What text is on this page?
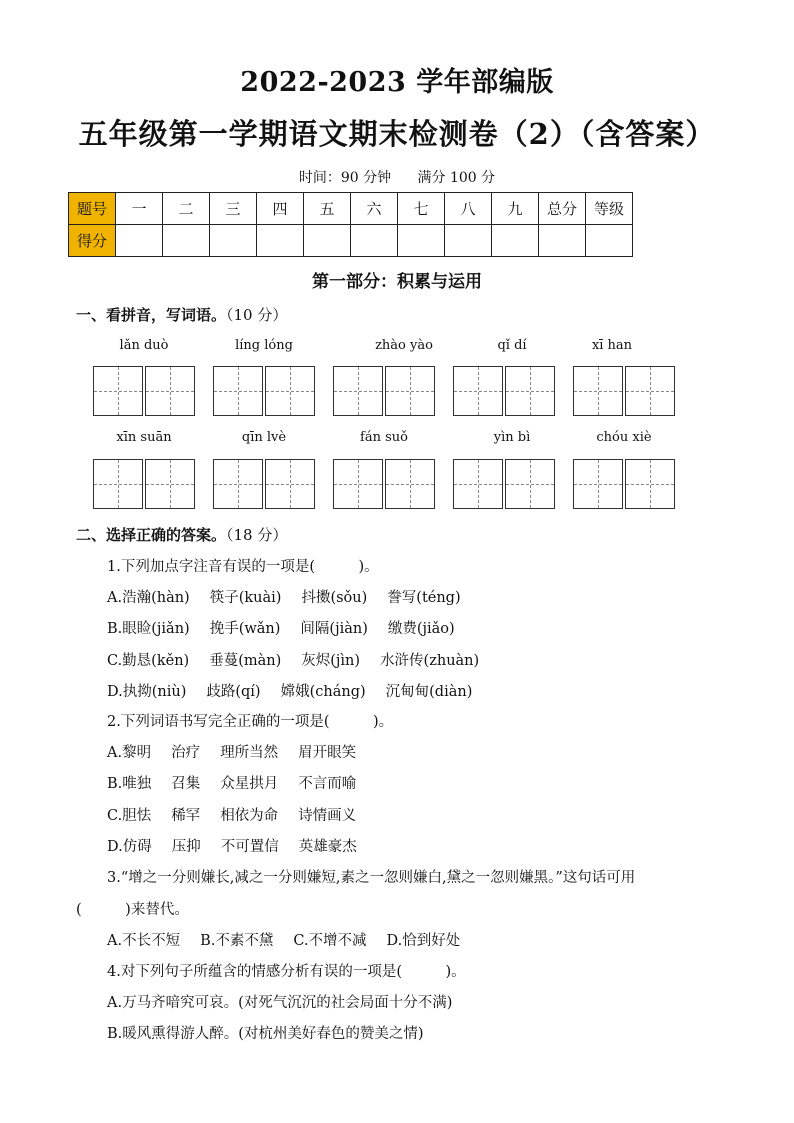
2022-2023 学年部编版
五年级第一学期语文期末检测卷（2）（含答案）
时间：90 分钟 满分 100 分
题号	一	二	三	四	五	六	七	八	九	总分	等级
得分											
第一部分：积累与运用
一、看拼音，写词语。（10 分）
lǎn duò	líng lóng	zhào yào	qǐ dí	xī han
xīn suān	qīn lvè	fán suǒ	yìn bì	chóu xiè
二、选择正确的答案。（18 分）
1.下列加点字注音有误的一项是(　　　)。
A.浩瀚(hàn) 筷子(kuài) 抖擞(sǒu) 誊写(téng)
B.眼睑(jiǎn) 挽手(wǎn) 间隔(jiàn) 缴费(jiǎo)
C.勤恳(kěn) 垂蔓(màn) 灰烬(jìn) 水浒传(zhuàn)
D.执拗(niù) 歧路(qí) 嫦娥(cháng) 沉甸甸(diàn)
2.下列词语书写完全正确的一项是(　　　)。
A.黎明 治疗 理所当然 眉开眼笑
B.唯独 召集 众星拱月 不言而喻
C.胆怯 稀罕 相依为命 诗情画义
D.仿碍 压抑 不可置信 英雄豪杰
3.“增之一分则嫌长,减之一分则嫌短,素之一忽则嫌白,黛之一忽则嫌黑。”这句话可用
(　　　)来替代。
A.不长不短 B.不素不黛 C.不增不减 D.恰到好处
4.对下列句子所蕴含的情感分析有误的一项是(　　　)。
A.万马齐喑究可哀。(对死气沉沉的社会局面十分不满)
B.暖风熏得游人醉。(对杭州美好春色的赞美之情)
